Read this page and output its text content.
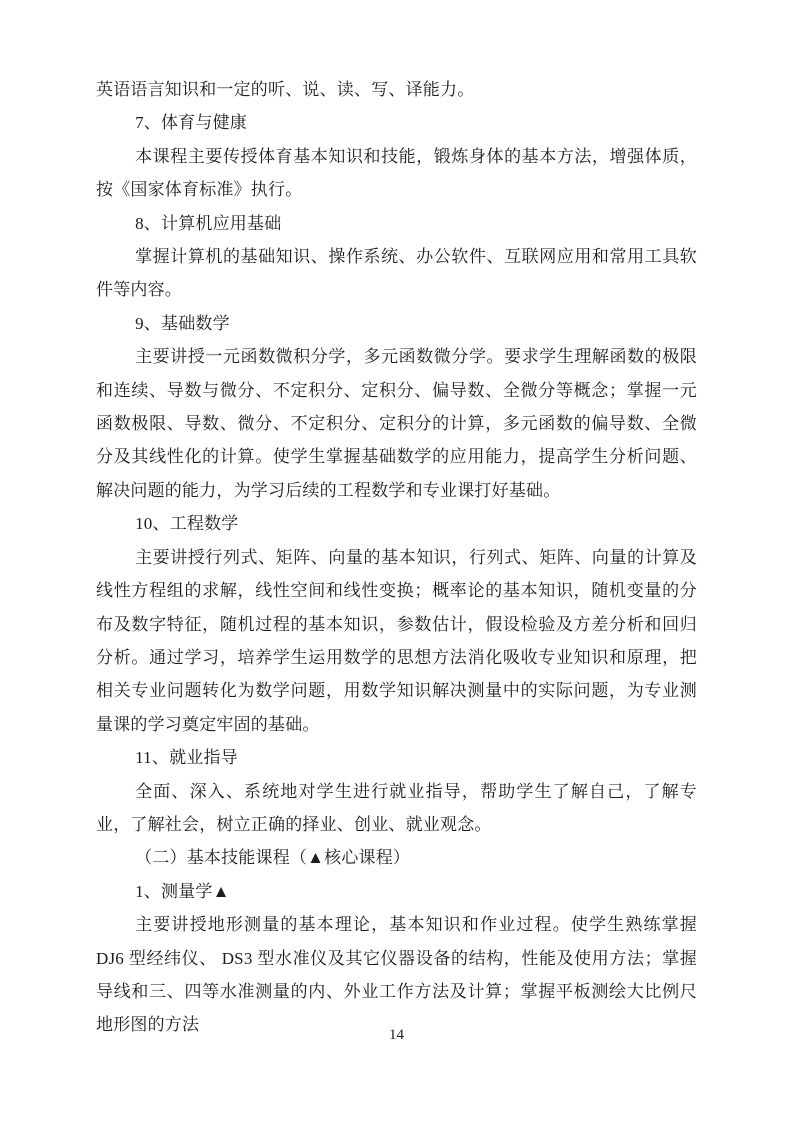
英语语言知识和一定的听、说、读、写、译能力。

7、体育与健康

本课程主要传授体育基本知识和技能，锻炼身体的基本方法，增强体质，按《国家体育标准》执行。

8、计算机应用基础

掌握计算机的基础知识、操作系统、办公软件、互联网应用和常用工具软件等内容。

9、基础数学

主要讲授一元函数微积分学，多元函数微分学。要求学生理解函数的极限和连续、导数与微分、不定积分、定积分、偏导数、全微分等概念；掌握一元函数极限、导数、微分、不定积分、定积分的计算，多元函数的偏导数、全微分及其线性化的计算。使学生掌握基础数学的应用能力，提高学生分析问题、解决问题的能力，为学习后续的工程数学和专业课打好基础。

10、工程数学

主要讲授行列式、矩阵、向量的基本知识，行列式、矩阵、向量的计算及线性方程组的求解，线性空间和线性变换；概率论的基本知识，随机变量的分布及数字特征，随机过程的基本知识，参数估计，假设检验及方差分析和回归分析。通过学习，培养学生运用数学的思想方法消化吸收专业知识和原理，把相关专业问题转化为数学问题，用数学知识解决测量中的实际问题，为专业测量课的学习奠定牢固的基础。

11、就业指导

全面、深入、系统地对学生进行就业指导，帮助学生了解自己，了解专业，了解社会，树立正确的择业、创业、就业观念。

（二）基本技能课程（▲核心课程）

1、测量学▲

主要讲授地形测量的基本理论，基本知识和作业过程。使学生熟练掌握 DJ6 型经纬仪、 DS3 型水准仪及其它仪器设备的结构，性能及使用方法；掌握导线和三、四等水准测量的内、外业工作方法及计算；掌握平板测绘大比例尺地形图的方法

14
